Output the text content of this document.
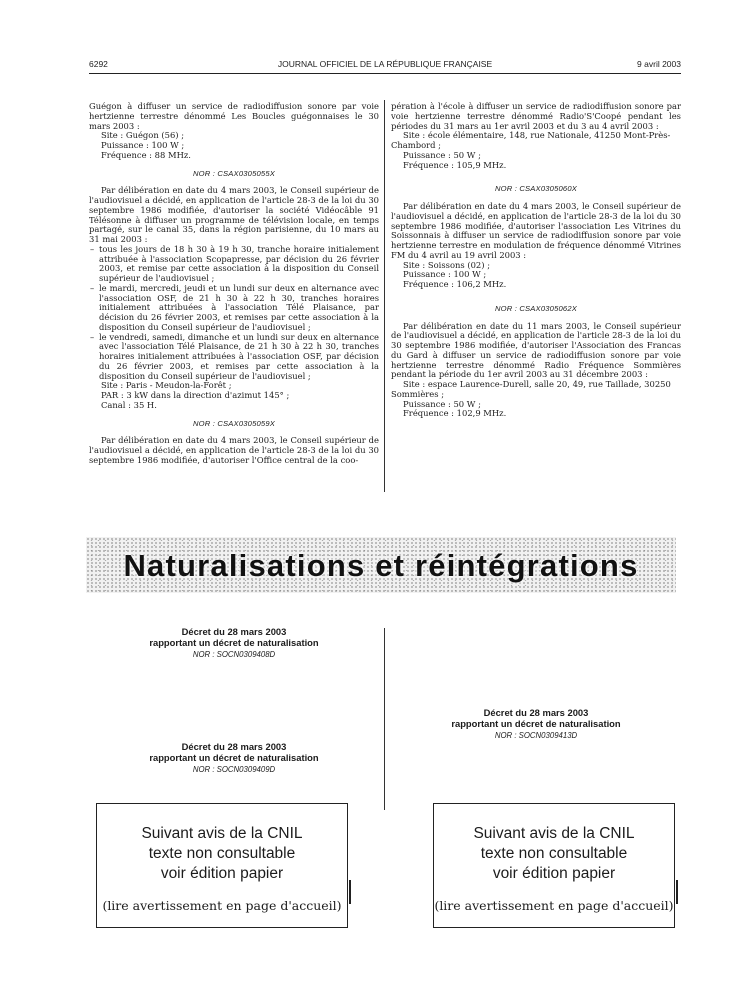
6292	JOURNAL OFFICIEL DE LA RÉPUBLIQUE FRANÇAISE	9 avril 2003

Guégon à diffuser un service de radiodiffusion sonore par voie hertzienne terrestre dénommé Les Boucles guégonnaises le 30 mars 2003 :

Site : Guégon (56) ;

Puissance : 100 W ;

Fréquence : 88 MHz.

NOR : CSAX0305055X

Par délibération en date du 4 mars 2003, le Conseil supérieur de l'audiovisuel a décidé, en application de l'article 28-3 de la loi du 30 septembre 1986 modifiée, d'autoriser la société Vidéocâble 91 Télésonne à diffuser un programme de télévision locale, en temps partagé, sur le canal 35, dans la région parisienne, du 10 mars au 31 mai 2003 :

– tous les jours de 18 h 30 à 19 h 30, tranche horaire initialement attribuée à l'association Scopapresse, par décision du 26 février 2003, et remise par cette association à la disposition du Conseil supérieur de l'audiovisuel ;
– le mardi, mercredi, jeudi et un lundi sur deux en alternance avec l'association OSF, de 21 h 30 à 22 h 30, tranches horaires initialement attribuées à l'association Télé Plaisance, par décision du 26 février 2003, et remises par cette association à la disposition du Conseil supérieur de l'audiovisuel ;
– le vendredi, samedi, dimanche et un lundi sur deux en alternance avec l'association Télé Plaisance, de 21 h 30 à 22 h 30, tranches horaires initialement attribuées à l'association OSF, par décision du 26 février 2003, et remises par cette association à la disposition du Conseil supérieur de l'audiovisuel ;

Site : Paris - Meudon-la-Forêt ;

PAR : 3 kW dans la direction d'azimut 145° ;

Canal : 35 H.

NOR : CSAX0305059X

Par délibération en date du 4 mars 2003, le Conseil supérieur de l'audiovisuel a décidé, en application de l'article 28-3 de la loi du 30 septembre 1986 modifiée, d'autoriser l'Office central de la coo-

pération à l'école à diffuser un service de radiodiffusion sonore par voie hertzienne terrestre dénommé Radio'S'Coopé pendant les périodes du 31 mars au 1er avril 2003 et du 3 au 4 avril 2003 :

Site : école élémentaire, 148, rue Nationale, 41250 Mont-Près-Chambord ;

Puissance : 50 W ;

Fréquence : 105,9 MHz.

NOR : CSAX0305060X

Par délibération en date du 4 mars 2003, le Conseil supérieur de l'audiovisuel a décidé, en application de l'article 28-3 de la loi du 30 septembre 1986 modifiée, d'autoriser l'association Les Vitrines du Soissonnais à diffuser un service de radiodiffusion sonore par voie hertzienne terrestre en modulation de fréquence dénommé Vitrines FM du 4 avril au 19 avril 2003 :

Site : Soissons (02) ;

Puissance : 100 W ;

Fréquence : 106,2 MHz.

NOR : CSAX0305062X

Par délibération en date du 11 mars 2003, le Conseil supérieur de l'audiovisuel a décidé, en application de l'article 28-3 de la loi du 30 septembre 1986 modifiée, d'autoriser l'Association des Francas du Gard à diffuser un service de radiodiffusion sonore par voie hertzienne terrestre dénommé Radio Fréquence Sommières pendant la période du 1er avril 2003 au 31 décembre 2003 :

Site : espace Laurence-Durell, salle 20, 49, rue Taillade, 30250 Sommières ;

Puissance : 50 W ;

Fréquence : 102,9 MHz.

Naturalisations et réintégrations
Décret du 28 mars 2003
rapportant un décret de naturalisation
NOR : SOCN0309408D
Décret du 28 mars 2003
rapportant un décret de naturalisation
NOR : SOCN0309409D
Décret du 28 mars 2003
rapportant un décret de naturalisation
NOR : SOCN0309413D
Suivant avis de la CNIL
texte non consultable
voir édition papier
(lire avertissement en page d'accueil)
Suivant avis de la CNIL
texte non consultable
voir édition papier
(lire avertissement en page d'accueil)
